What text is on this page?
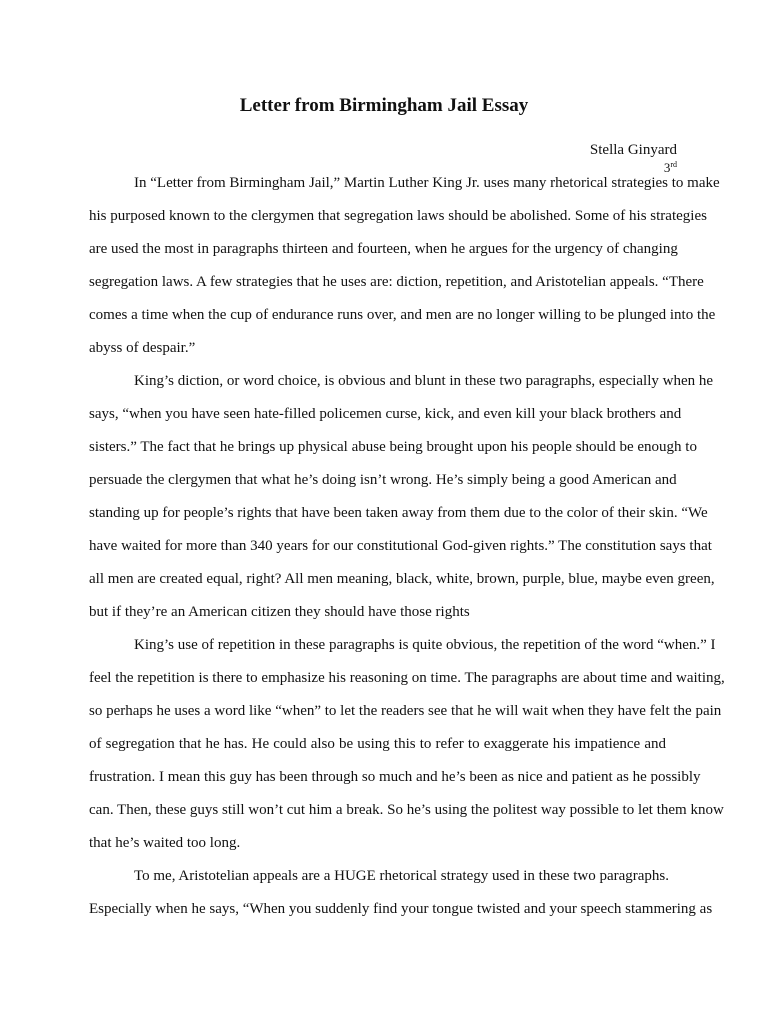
Letter from Birmingham Jail Essay
Stella Ginyard
3rd
In “Letter from Birmingham Jail,” Martin Luther King Jr. uses many rhetorical strategies to make
his purposed known to the clergymen that segregation laws should be abolished. Some of his strategies
are used the most in paragraphs thirteen and fourteen, when he argues for the urgency of changing
segregation laws. A few strategies that he uses are: diction, repetition, and Aristotelian appeals. “There
comes a time when the cup of endurance runs over, and men are no longer willing to be plunged into the
abyss of despair.”
King’s diction, or word choice, is obvious and blunt in these two paragraphs, especially when he
says, “when you have seen hate-filled policemen curse, kick, and even kill your black brothers and
sisters.” The fact that he brings up physical abuse being brought upon his people should be enough to
persuade the clergymen that what he’s doing isn’t wrong. He’s simply being a good American and
standing up for people’s rights that have been taken away from them due to the color of their skin. “We
have waited for more than 340 years for our constitutional God-given rights.” The constitution says that
all men are created equal, right? All men meaning, black, white, brown, purple, blue, maybe even green,
but if they’re an American citizen they should have those rights
King’s use of repetition in these paragraphs is quite obvious, the repetition of the word “when.” I
feel the repetition is there to emphasize his reasoning on time. The paragraphs are about time and waiting,
so perhaps he uses a word like “when” to let the readers see that he will wait when they have felt the pain
of segregation that he has. He could also be using this to refer to exaggerate his impatience and
frustration. I mean this guy has been through so much and he’s been as nice and patient as he possibly
can. Then, these guys still won’t cut him a break. So he’s using the politest way possible to let them know
that he’s waited too long.
To me, Aristotelian appeals are a HUGE rhetorical strategy used in these two paragraphs.
Especially when he says, “When you suddenly find your tongue twisted and your speech stammering as
